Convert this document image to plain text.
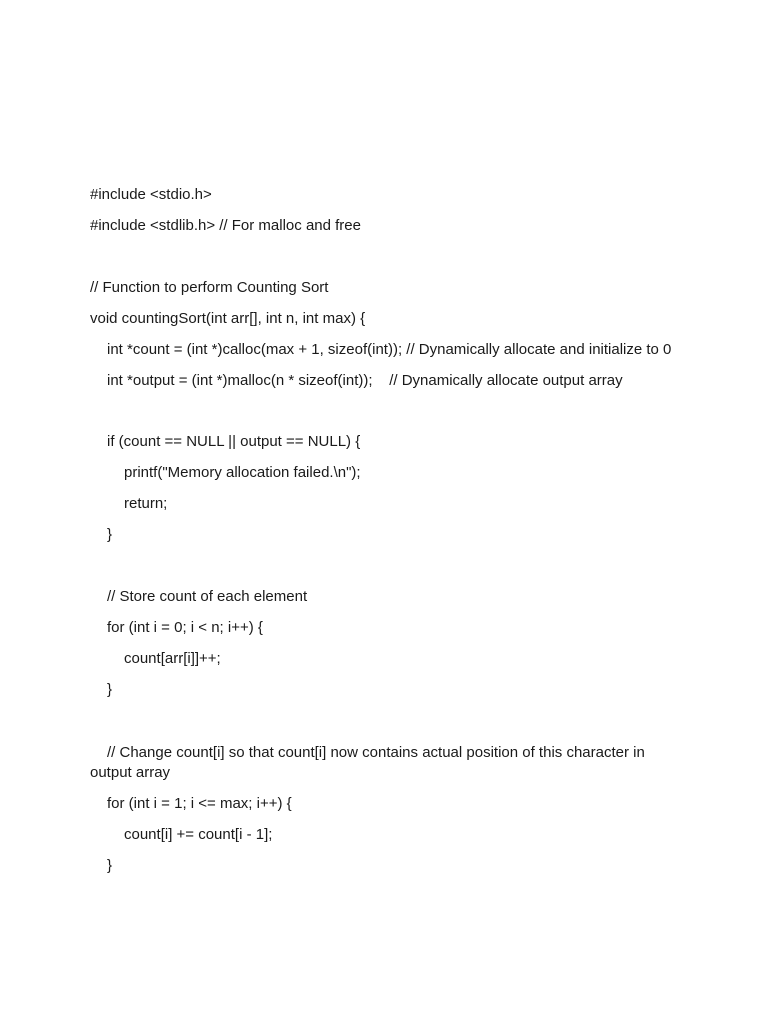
#include <stdio.h>
#include <stdlib.h> // For malloc and free
// Function to perform Counting Sort
void countingSort(int arr[], int n, int max) {
int *count = (int *)calloc(max + 1, sizeof(int)); // Dynamically allocate and initialize to 0
int *output = (int *)malloc(n * sizeof(int));    // Dynamically allocate output array
if (count == NULL || output == NULL) {
printf("Memory allocation failed.\n");
return;
}
// Store count of each element
for (int i = 0; i < n; i++) {
count[arr[i]]++;
}
// Change count[i] so that count[i] now contains actual position of this character in output array
for (int i = 1; i <= max; i++) {
count[i] += count[i - 1];
}
